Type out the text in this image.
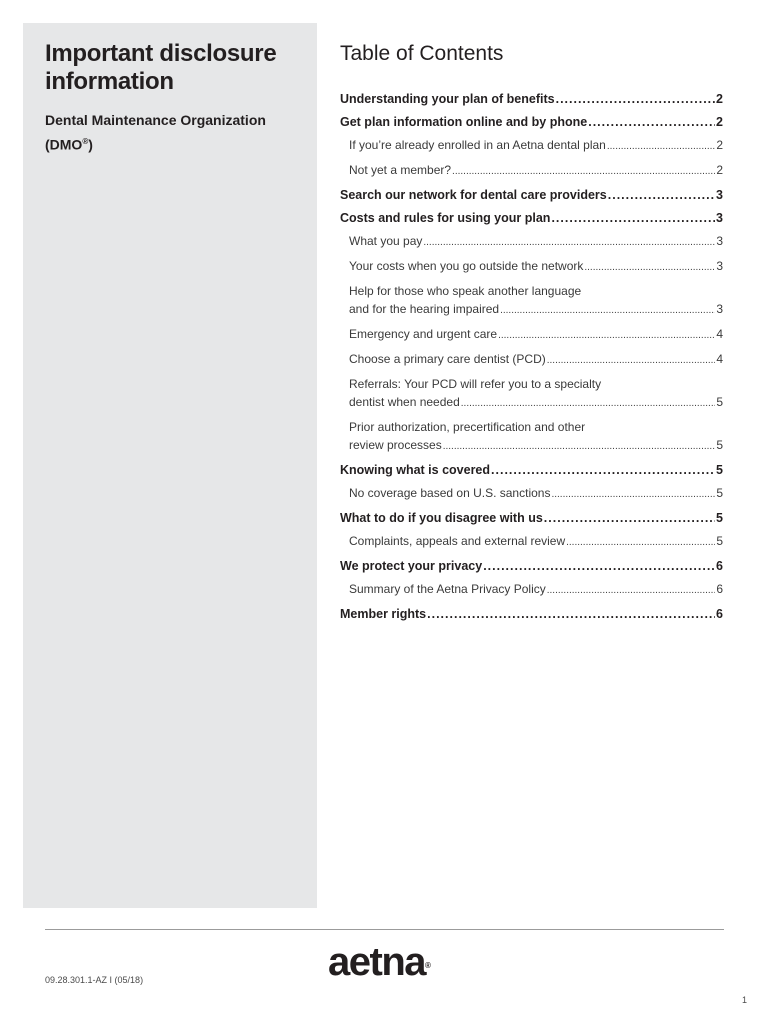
Important disclosure information
Dental Maintenance Organization (DMO®)
Table of Contents
Understanding your plan of benefits .....	2
Get plan information online and by phone .....	2
If you’re already enrolled in an Aetna dental plan .....	2
Not yet a member? .....	2
Search our network for dental care providers .....	3
Costs and rules for using your plan .....	3
What you pay .....	3
Your costs when you go outside the network .....	3
Help for those who speak another language
and for the hearing impaired .....	3
Emergency and urgent care .....	4
Choose a primary care dentist (PCD) .....	4
Referrals: Your PCD will refer you to a specialty
dentist when needed .....	5
Prior authorization, precertification and other
review processes .....	5
Knowing what is covered .....	5
No coverage based on U.S. sanctions .....	5
What to do if you disagree with us .....	5
Complaints, appeals and external review .....	5
We protect your privacy .....	6
Summary of the Aetna Privacy Policy .....	6
Member rights .....	6
aetna®
09.28.301.1-AZ I (05/18)
1
